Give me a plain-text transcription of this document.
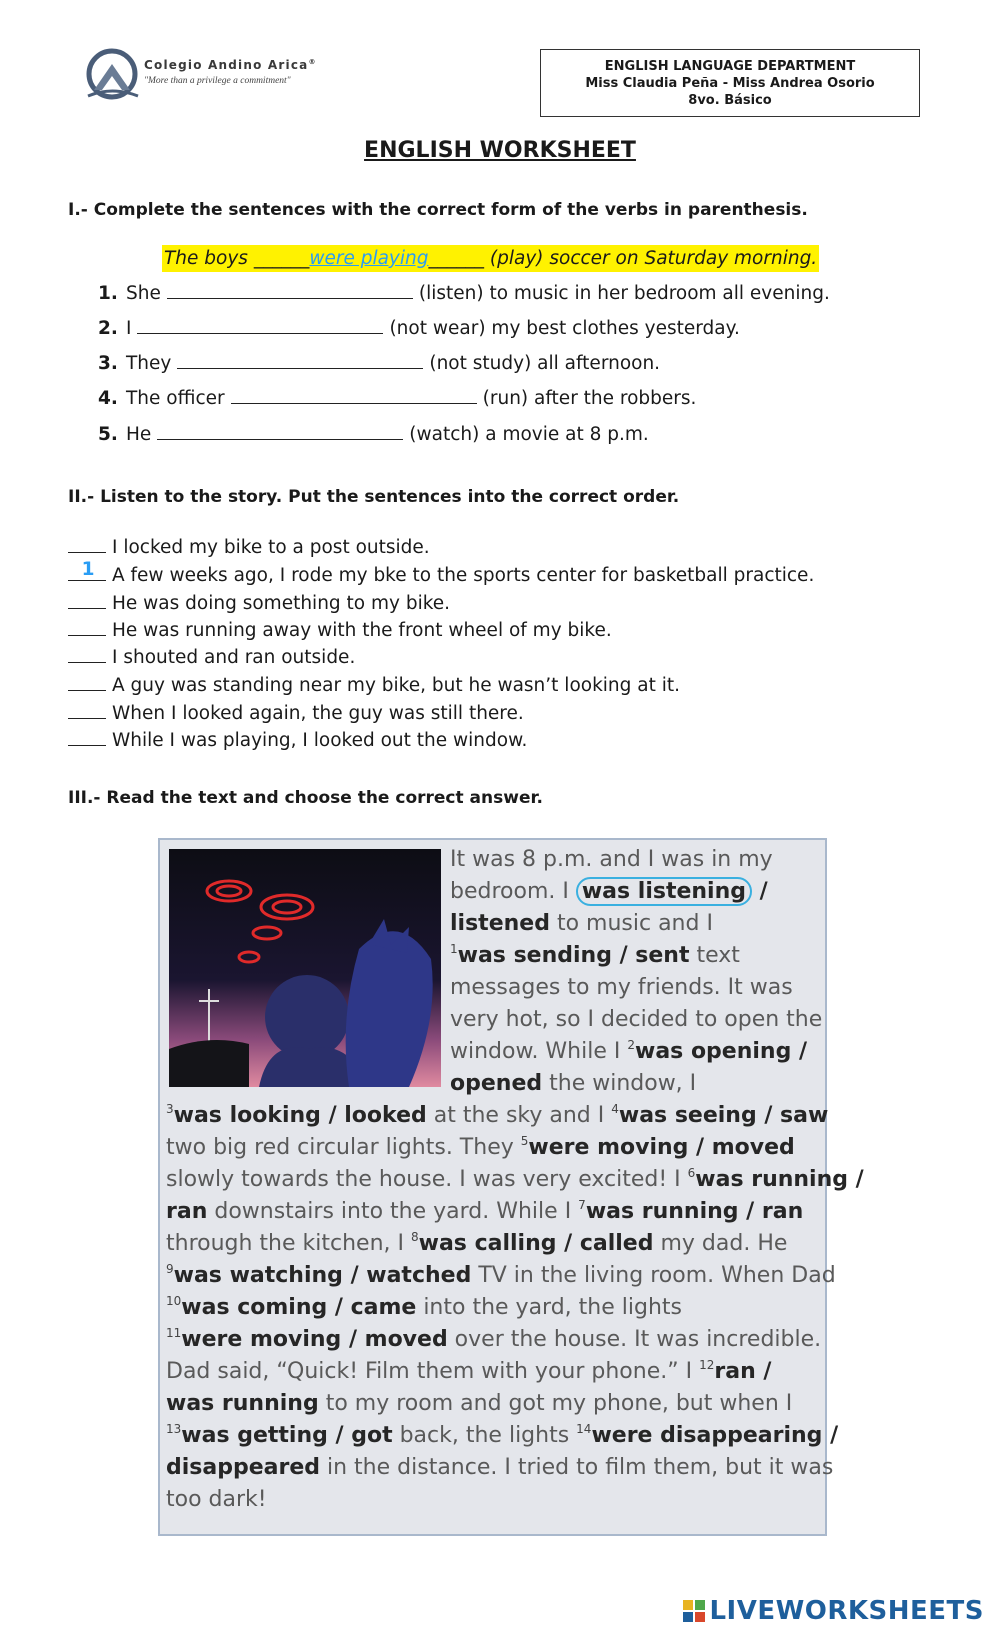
Colegio Andino Arica®
"More than a privilege a commitment"
ENGLISH LANGUAGE DEPARTMENT
Miss Claudia Peña - Miss Andrea Osorio
8vo. Básico
ENGLISH WORKSHEET
I.- Complete the sentences with the correct form of the verbs in parenthesis.
The boys ______were playing______ (play) soccer on Saturday morning.
1. She	(listen) to music in her bedroom all evening.
2. I	(not wear) my best clothes yesterday.
3. They	(not study) all afternoon.
4. The officer	(run) after the robbers.
5. He	(watch) a movie at 8 p.m.
II.- Listen to the story. Put the sentences into the correct order.
I locked my bike to a post outside.
1 A few weeks ago, I rode my bke to the sports center for basketball practice.
He was doing something to my bike.
He was running away with the front wheel of my bike.
I shouted and ran outside.
A guy was standing near my bike, but he wasn’t looking at it.
When I looked again, the guy was still there.
While I was playing, I looked out the window.
III.- Read the text and choose the correct answer.
It was 8 p.m. and I was in my
bedroom. I was listening /
listened to music and I
$^1$was sending / sent text
messages to my friends. It was
very hot, so I decided to open the
window. While I $^2$was opening /
opened the window, I
$^3$was looking / looked at the sky and I $^4$was seeing / saw
two big red circular lights. They $^5$were moving / moved
slowly towards the house. I was very excited! I $^6$was running /
ran downstairs into the yard. While I $^7$was running / ran
through the kitchen, I $^8$was calling / called my dad. He
$^9$was watching / watched TV in the living room. When Dad
$^{10}$was coming / came into the yard, the lights
$^{11}$were moving / moved over the house. It was incredible.
Dad said, “Quick! Film them with your phone.” I $^{12}$ran /
was running to my room and got my phone, but when I
$^{13}$was getting / got back, the lights $^{14}$were disappearing /
disappeared in the distance. I tried to film them, but it was
too dark!
LIVEWORKSHEETS
